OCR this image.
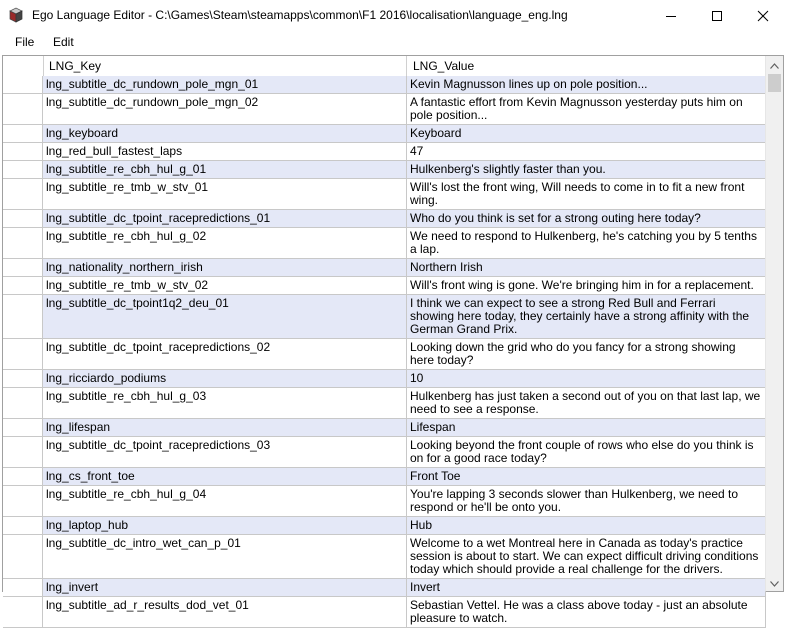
Ego Language Editor - C:\Games\Steam\steamapps\common\F1 2016\localisation\language_eng.lng
File Edit
LNG_Key	LNG_Value
lng_subtitle_dc_rundown_pole_mgn_01	Kevin Magnusson lines up on pole position...
lng_subtitle_dc_rundown_pole_mgn_02	A fantastic effort from Kevin Magnusson yesterday puts him on pole position...
lng_keyboard	Keyboard
lng_red_bull_fastest_laps	47
lng_subtitle_re_cbh_hul_g_01	Hulkenberg's slightly faster than you.
lng_subtitle_re_tmb_w_stv_01	Will's lost the front wing, Will needs to come in to fit a new front wing.
lng_subtitle_dc_tpoint_racepredictions_01	Who do you think is set for a strong outing here today?
lng_subtitle_re_cbh_hul_g_02	We need to respond to Hulkenberg, he's catching you by 5 tenths a lap.
lng_nationality_northern_irish	Northern Irish
lng_subtitle_re_tmb_w_stv_02	Will's front wing is gone. We're bringing him in for a replacement.
lng_subtitle_dc_tpoint1q2_deu_01	I think we can expect to see a strong Red Bull and Ferrari showing here today, they certainly have a strong affinity with the German Grand Prix.
lng_subtitle_dc_tpoint_racepredictions_02	Looking down the grid who do you fancy for a strong showing here today?
lng_ricciardo_podiums	10
lng_subtitle_re_cbh_hul_g_03	Hulkenberg has just taken a second out of you on that last lap, we need to see a response.
lng_lifespan	Lifespan
lng_subtitle_dc_tpoint_racepredictions_03	Looking beyond the front couple of rows who else do you think is on for a good race today?
lng_cs_front_toe	Front Toe
lng_subtitle_re_cbh_hul_g_04	You're lapping 3 seconds slower than Hulkenberg, we need to respond or he'll be onto you.
lng_laptop_hub	Hub
lng_subtitle_dc_intro_wet_can_p_01	Welcome to a wet Montreal here in Canada as today's practice session is about to start. We can expect difficult driving conditions today which should provide a real challenge for the drivers.
lng_invert	Invert
lng_subtitle_ad_r_results_dod_vet_01	Sebastian Vettel. He was a class above today - just an absolute pleasure to watch.
